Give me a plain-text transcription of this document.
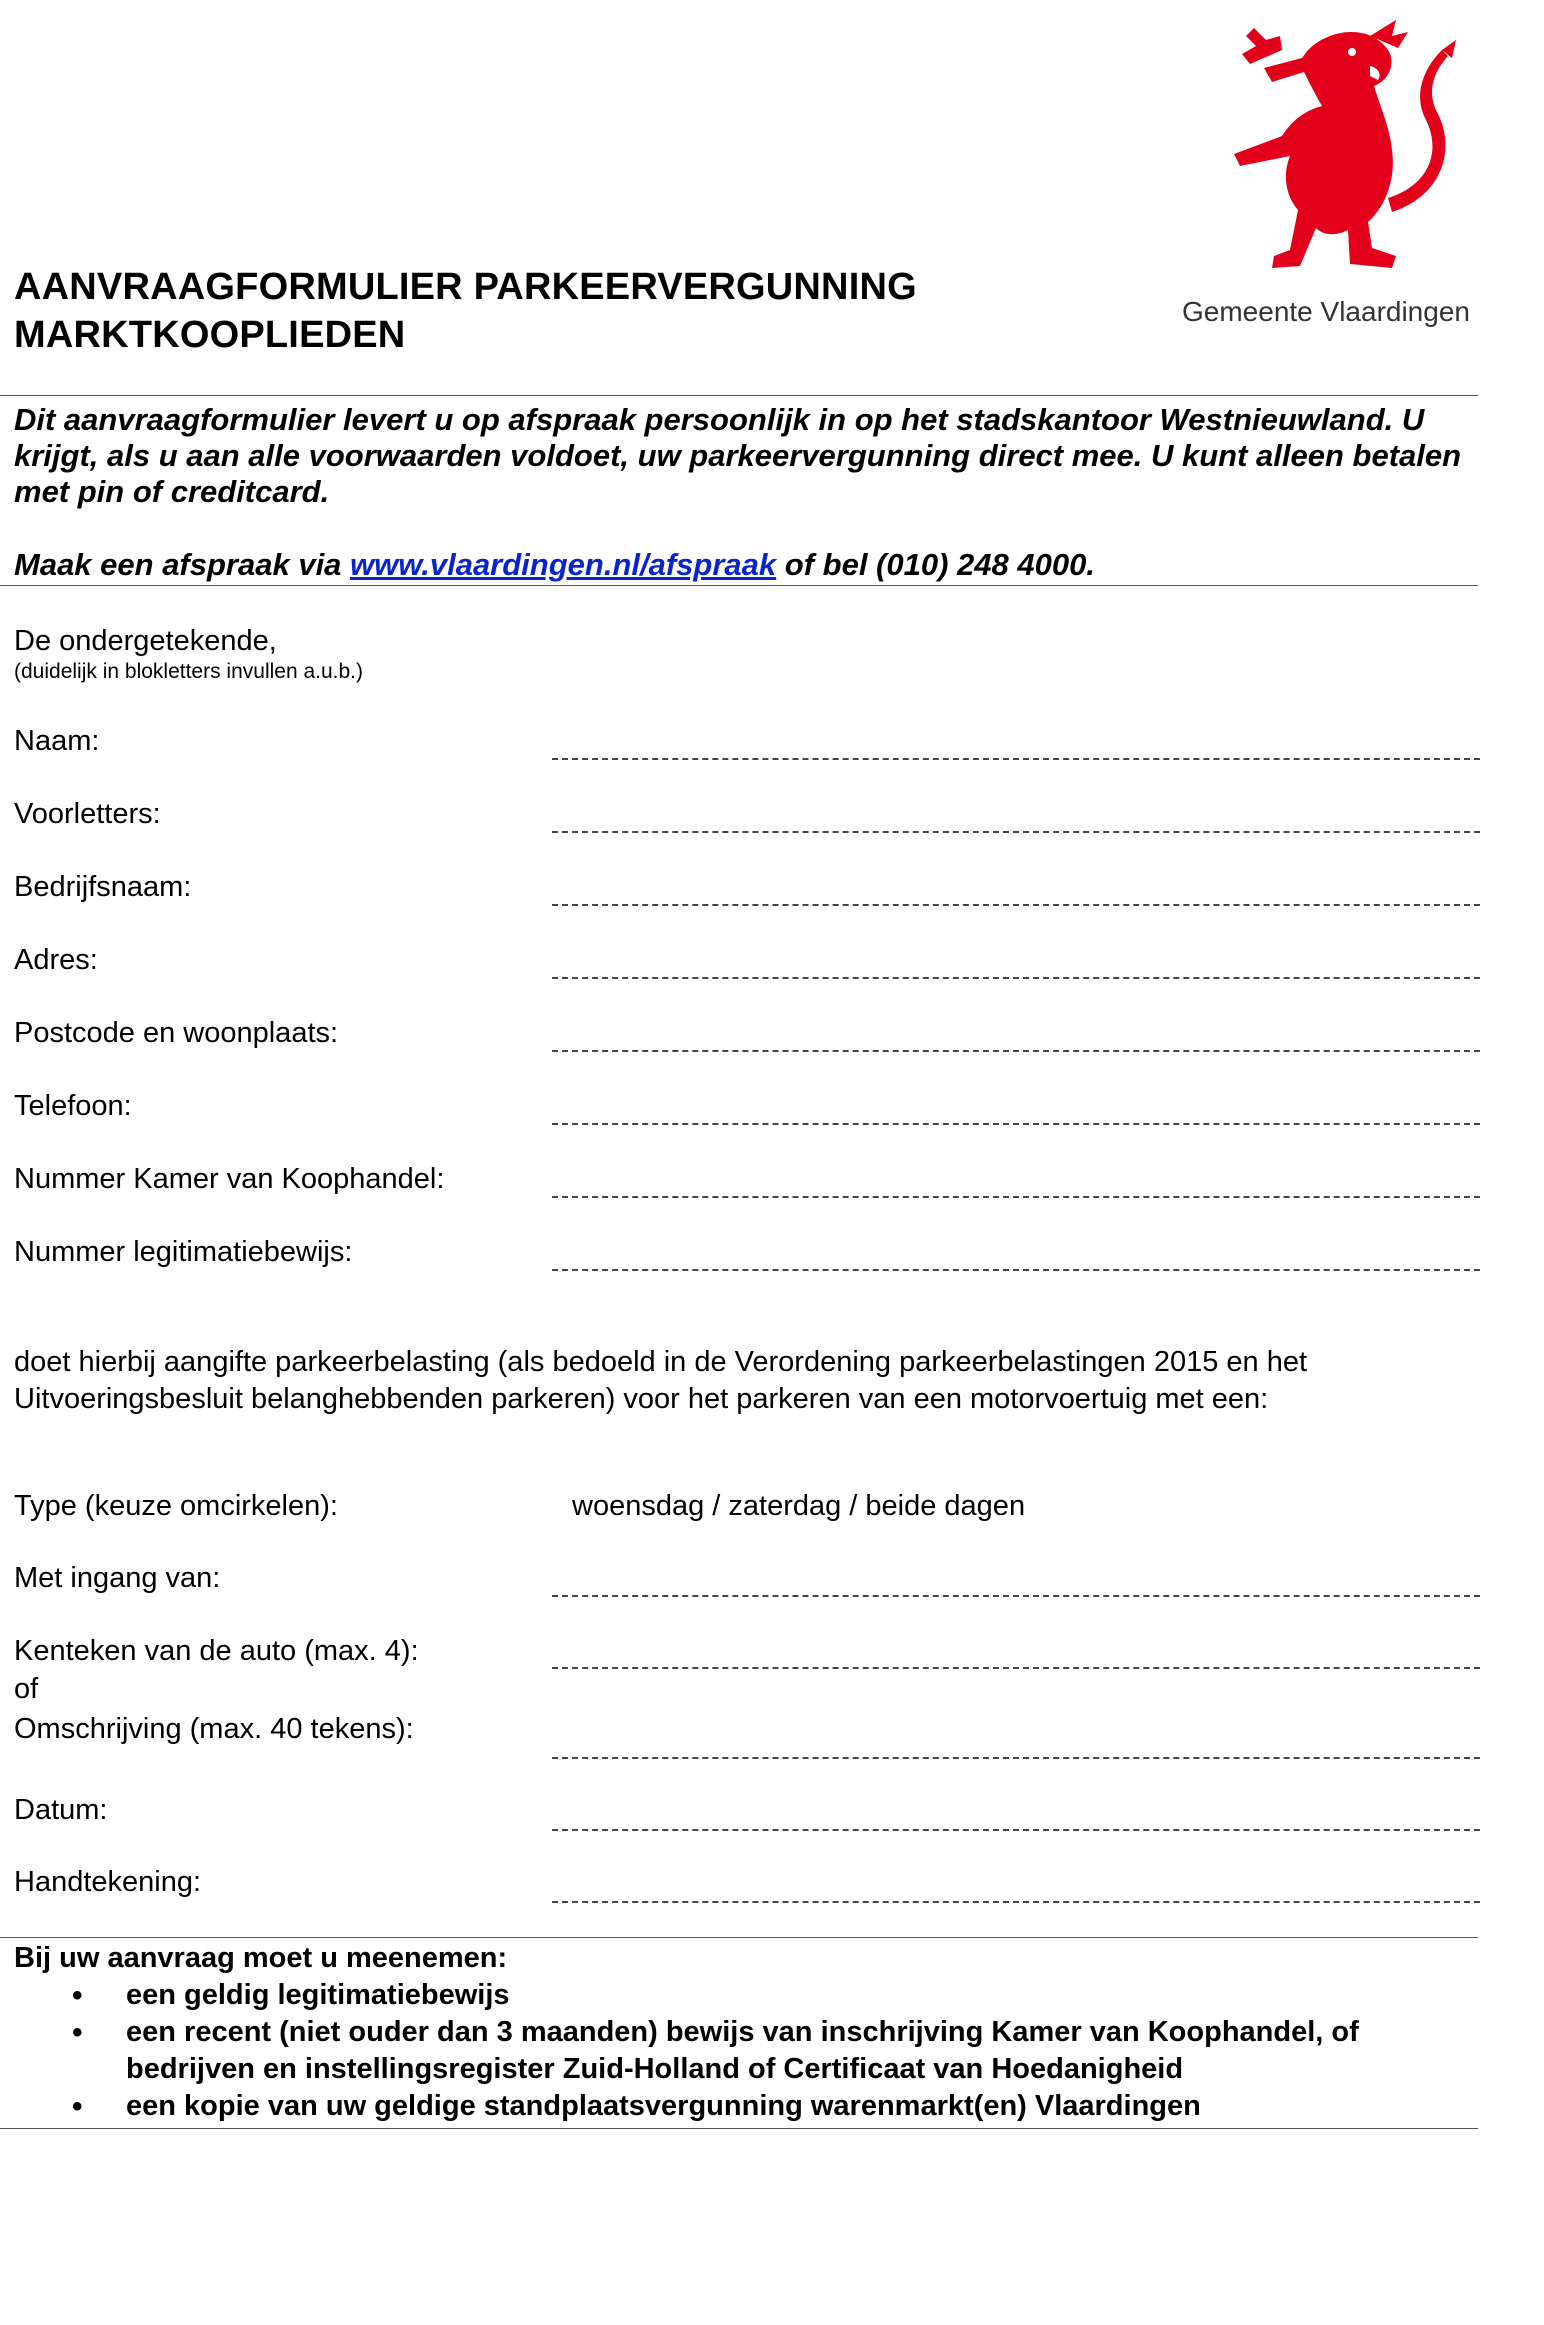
Gemeente Vlaardingen
AANVRAAGFORMULIER PARKEERVERGUNNING
MARKTKOOPLIEDEN

Dit aanvraagformulier levert u op afspraak persoonlijk in op het stadskantoor Westnieuwland. U krijgt, als u aan alle voorwaarden voldoet, uw parkeervergunning direct mee. U kunt alleen betalen met pin of creditcard.

Maak een afspraak via www.vlaardingen.nl/afspraak of bel (010) 248 4000.

De ondergetekende,
(duidelijk in blokletters invullen a.u.b.)
Naam:
Voorletters:
Bedrijfsnaam:
Adres:
Postcode en woonplaats:
Telefoon:
Nummer Kamer van Koophandel:
Nummer legitimatiebewijs:
doet hierbij aangifte parkeerbelasting (als bedoeld in de Verordening parkeerbelastingen 2015 en het Uitvoeringsbesluit belanghebbenden parkeren) voor het parkeren van een motorvoertuig met een:
Type (keuze omcirkelen):	woensdag / zaterdag / beide dagen
Met ingang van:
Kenteken van de auto (max. 4):
of
Omschrijving (max. 40 tekens):
Datum:
Handtekening:
Bij uw aanvraag moet u meenemen:
• een geldig legitimatiebewijs
• een recent (niet ouder dan 3 maanden) bewijs van inschrijving Kamer van Koophandel, of bedrijven en instellingsregister Zuid-Holland of Certificaat van Hoedanigheid
• een kopie van uw geldige standplaatsvergunning warenmarkt(en) Vlaardingen
